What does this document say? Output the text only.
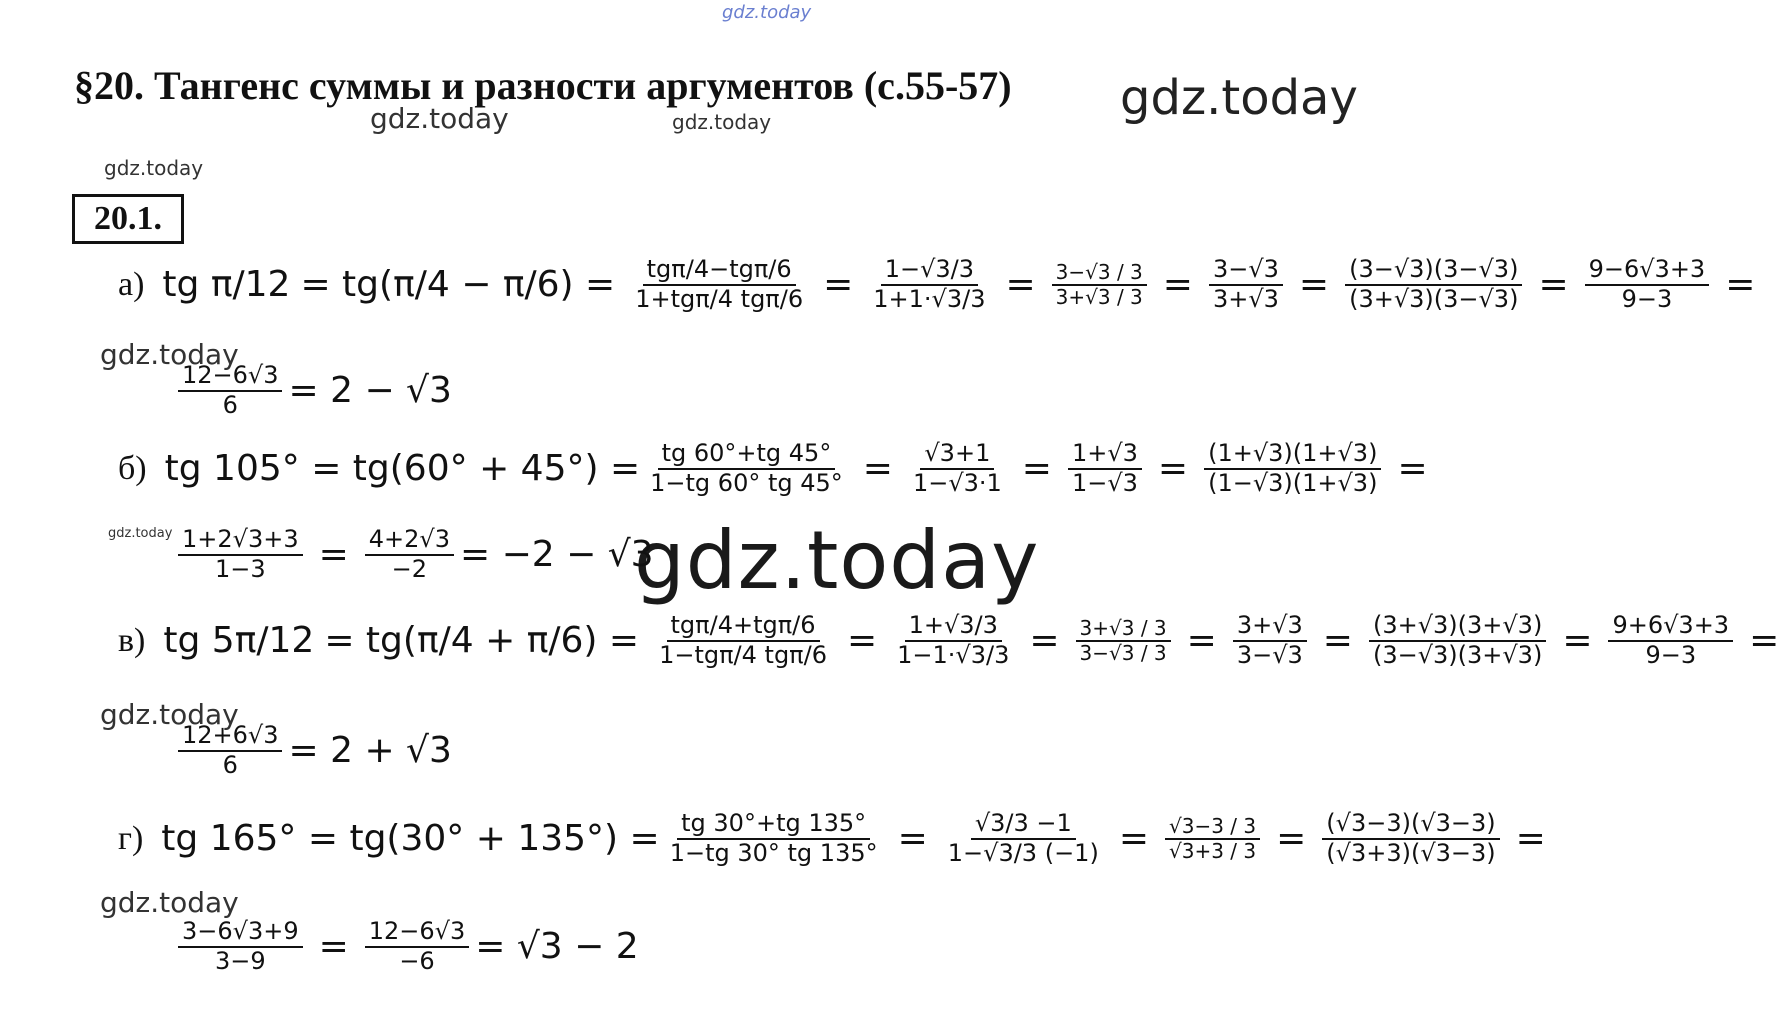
gdz.today
gdz.today
gdz.today	gdz.today
gdz.today
gdz.today
gdz.today
gdz.today
gdz.today
gdz.today
§20. Тангенс суммы и разности аргументов (с.55-57)
20.1.
а) tg $\pi/12 = tg(\pi/4 - \pi/6) = \frac{\text{tgπ/4−tgπ/6}}{\text{1+tgπ/4 tgπ/6}} = \frac{1-√3/3}{1+1\cdot√3/3} = \frac{3-√3 / 3}{3+√3 / 3} = \frac{3-√3}{3+√3} = \frac{(3-√3)(3-√3)}{(3+√3)(3-√3)} = \frac{9-6√3+3}{9-3}$ =
$\frac{12-6√3}{6} = 2 - √3$
б) tg $105^\circ = tg(60^\circ + 45^\circ) = \frac{tg 60^\circ+tg 45^\circ}{1-tg 60^\circ tg 45^\circ} = \frac{√3+1}{1-√3\cdot 1} = \frac{1+√3}{1-√3} = \frac{(1+√3)(1+√3)}{(1-√3)(1+√3)}$ =
$\frac{1+2√3+3}{1-3} = \frac{4+2√3}{-2} = -2 - √3$
в) tg $5\pi/12 = tg(\pi/4 + \pi/6) = \frac{\text{tgπ/4+tgπ/6}}{\text{1−tgπ/4 tgπ/6}} = \frac{1+√3/3}{1-1\cdot√3/3} = \frac{3+√3 / 3}{3-√3 / 3} = \frac{3+√3}{3-√3} = \frac{(3+√3)(3+√3)}{(3-√3)(3+√3)} = \frac{9+6√3+3}{9-3}$ =
$\frac{12+6√3}{6} = 2 + √3$
г) tg $165^\circ = tg(30^\circ + 135^\circ) = \frac{tg 30^\circ+tg 135^\circ}{1-tg 30^\circ tg 135^\circ} = \frac{√3/3 -1}{1-√3/3 (-1)} = \frac{√3-3 / 3}{√3+3 / 3} = \frac{(√3-3)(√3-3)}{(√3+3)(√3-3)}$ =
$\frac{3-6√3+9}{3-9} = \frac{12-6√3}{-6} = √3 - 2$
